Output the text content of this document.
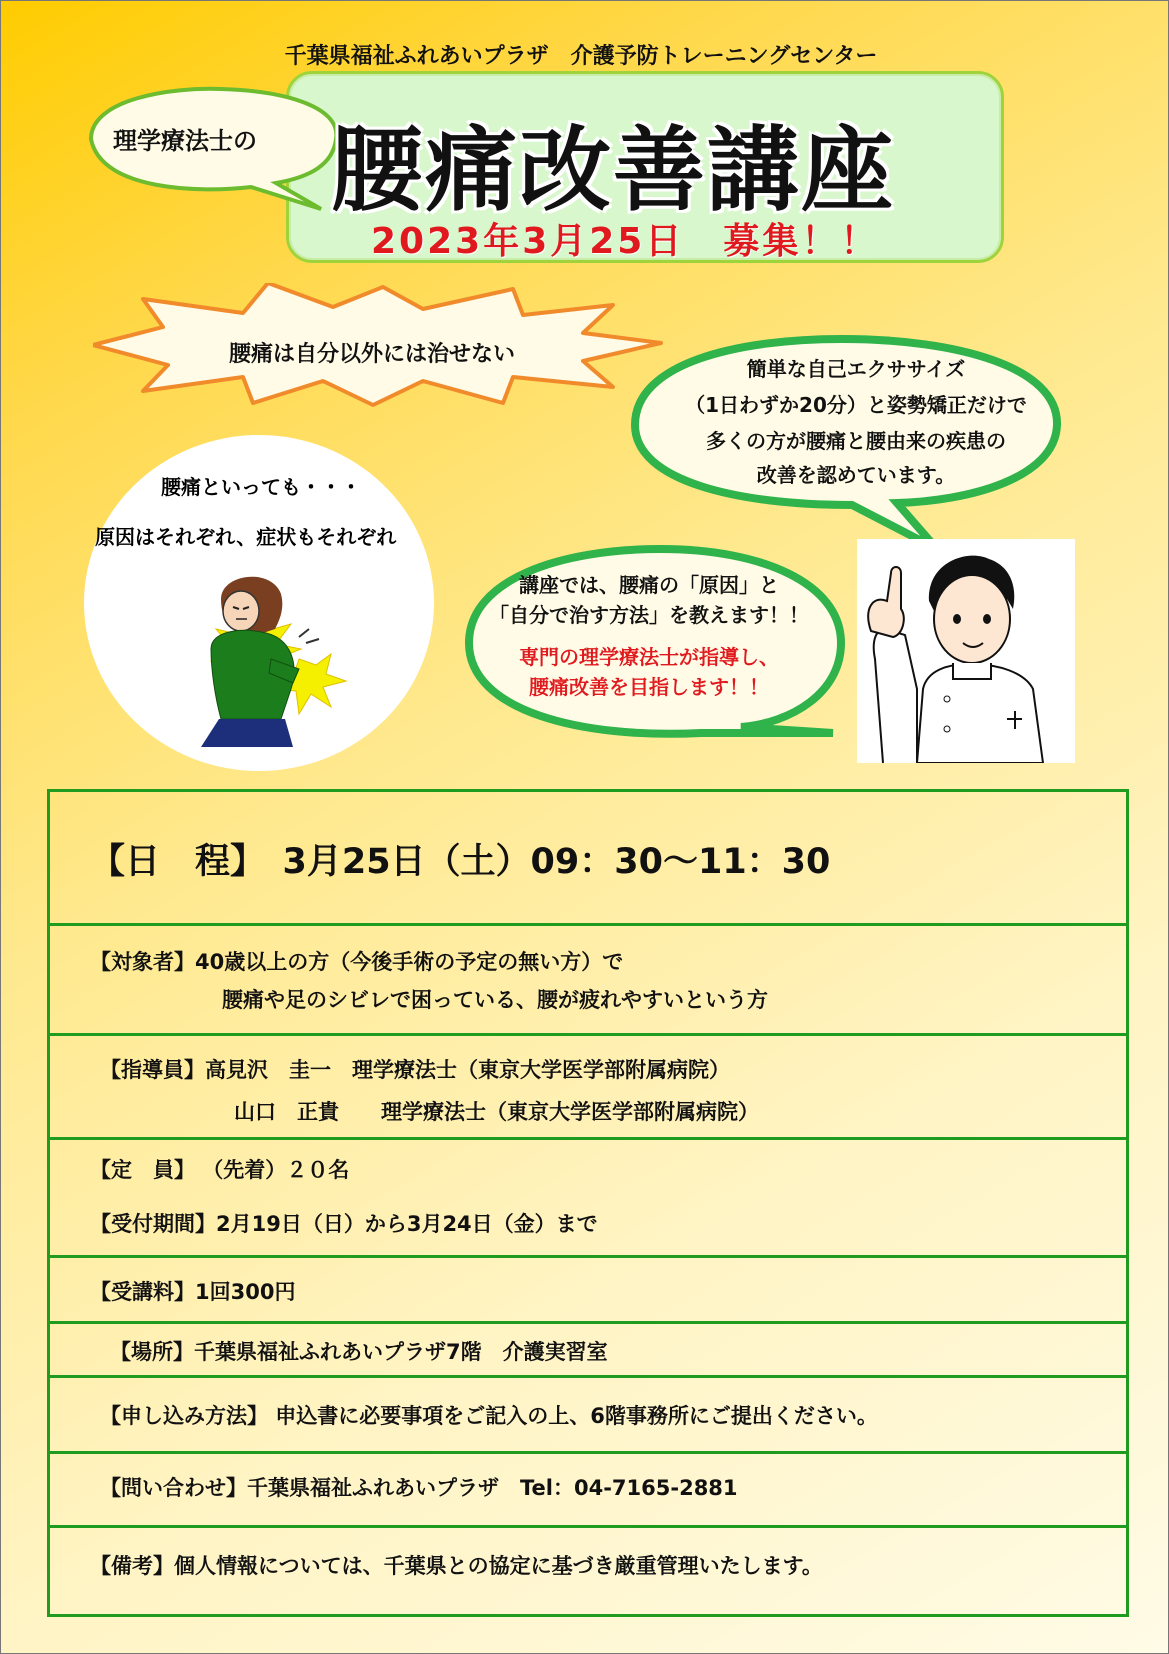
千葉県福祉ふれあいプラザ　介護予防トレーニングセンター
理学療法士の 腰痛改善講座
2023年3月25日　募集！！
腰痛は自分以外には治せない
腰痛といっても・・・
原因はそれぞれ、症状もそれぞれ
簡単な自己エクササイズ
（1日わずか20分）と姿勢矯正だけで
多くの方が腰痛と腰由来の疾患の
改善を認めています。
講座では、腰痛の「原因」と
「自分で治す方法」を教えます！！
専門の理学療法士が指導し、
腰痛改善を目指します！！
【日　程】　3月25日（土）09：30～11：30
【対象者】40歳以上の方（今後手術の予定の無い方）で
腰痛や足のシビレで困っている、腰が疲れやすいという方
【指導員】高見沢　圭一　理学療法士（東京大学医学部附属病院）
山口　正貴　　理学療法士（東京大学医学部附属病院）
【定　員】 （先着）２０名
【受付期間】2月19日（日）から3月24日（金）まで
【受講料】1回300円
【場所】千葉県福祉ふれあいプラザ7階　介護実習室
【申し込み方法】 申込書に必要事項をご記入の上、6階事務所にご提出ください。
【問い合わせ】千葉県福祉ふれあいプラザ　Tel：04-7165-2881
【備考】個人情報については、千葉県との協定に基づき厳重管理いたします。
